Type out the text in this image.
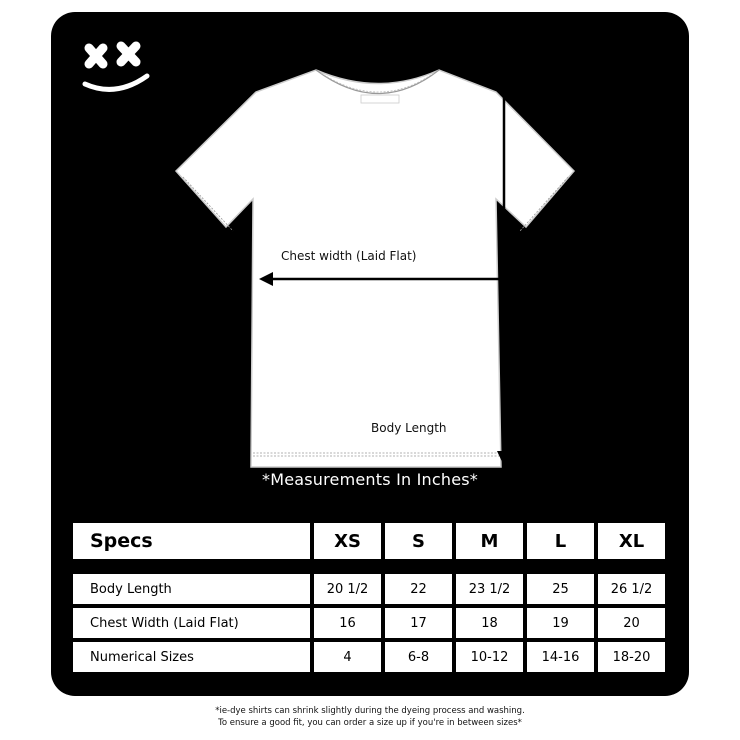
Chest width (Laid Flat)
Body Length
*Measurements In Inches*
Specs	XS	S	M	L	XL
Body Length	20 1/2	22	23 1/2	25	26 1/2
Chest Width (Laid Flat)	16	17	18	19	20
Numerical Sizes	4	6-8	10-12	14-16	18-20
*ie-dye shirts can shrink slightly during the dyeing process and washing.
To ensure a good fit, you can order a size up if you're in between sizes*
